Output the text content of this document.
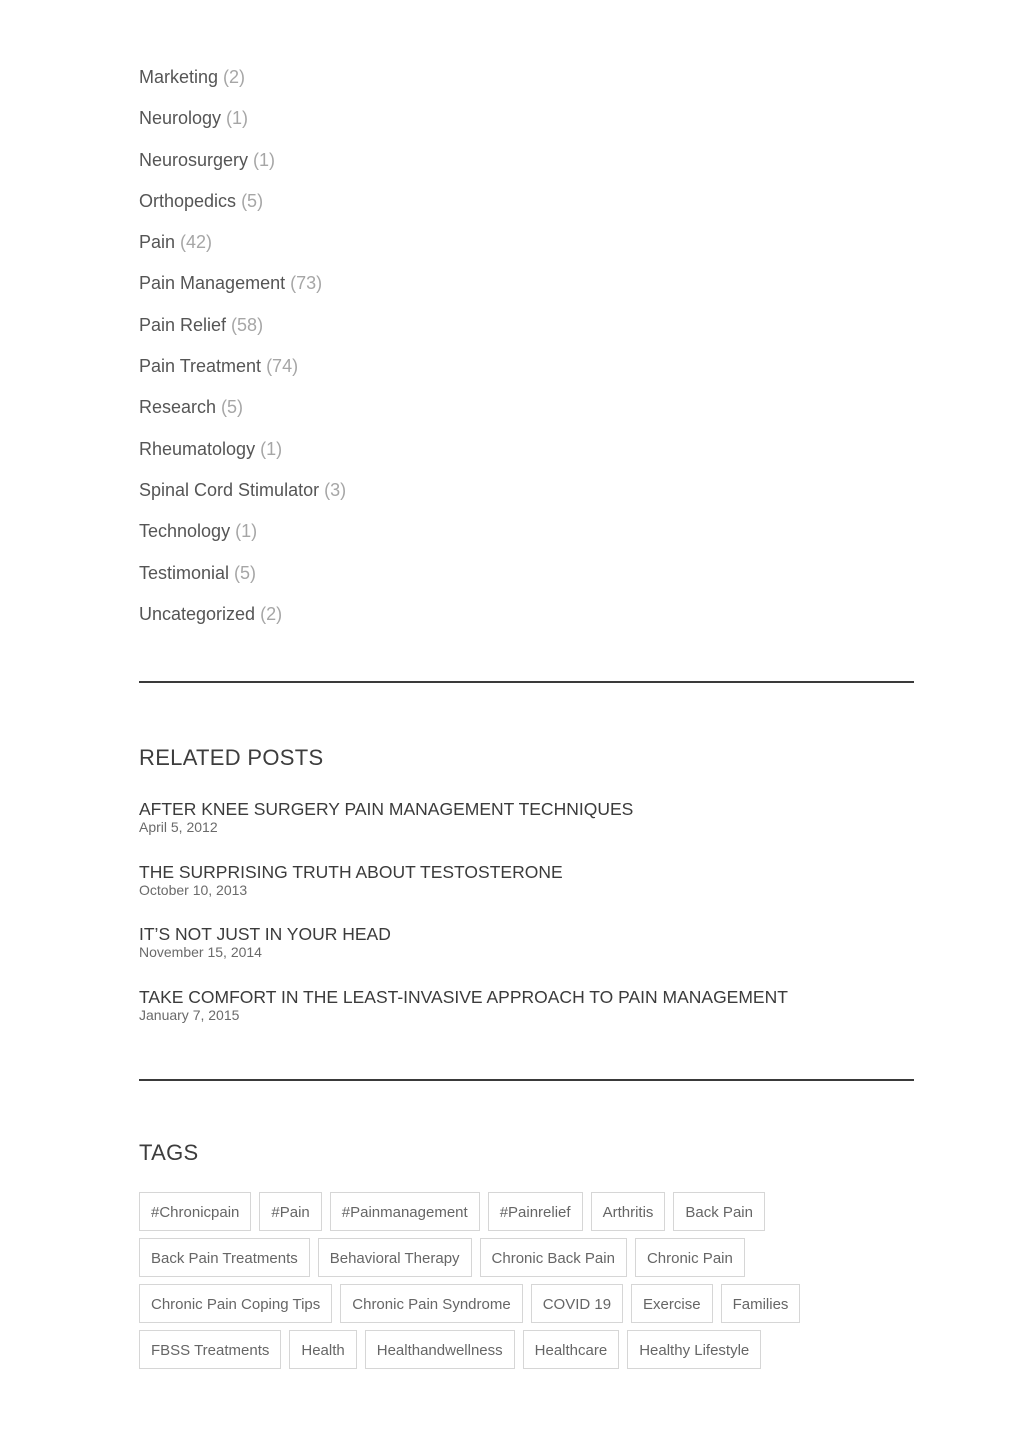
Marketing (2)
Neurology (1)
Neurosurgery (1)
Orthopedics (5)
Pain (42)
Pain Management (73)
Pain Relief (58)
Pain Treatment (74)
Research (5)
Rheumatology (1)
Spinal Cord Stimulator (3)
Technology (1)
Testimonial (5)
Uncategorized (2)
RELATED POSTS
AFTER KNEE SURGERY PAIN MANAGEMENT TECHNIQUES
April 5, 2012
THE SURPRISING TRUTH ABOUT TESTOSTERONE
October 10, 2013
IT’S NOT JUST IN YOUR HEAD
November 15, 2014
TAKE COMFORT IN THE LEAST-INVASIVE APPROACH TO PAIN MANAGEMENT
January 7, 2015
TAGS
#Chronicpain	#Pain	#Painmanagement	#Painrelief	Arthritis	Back Pain
Back Pain Treatments	Behavioral Therapy	Chronic Back Pain	Chronic Pain
Chronic Pain Coping Tips	Chronic Pain Syndrome	COVID 19	Exercise	Families
FBSS Treatments	Health	Healthandwellness	Healthcare	Healthy Lifestyle
